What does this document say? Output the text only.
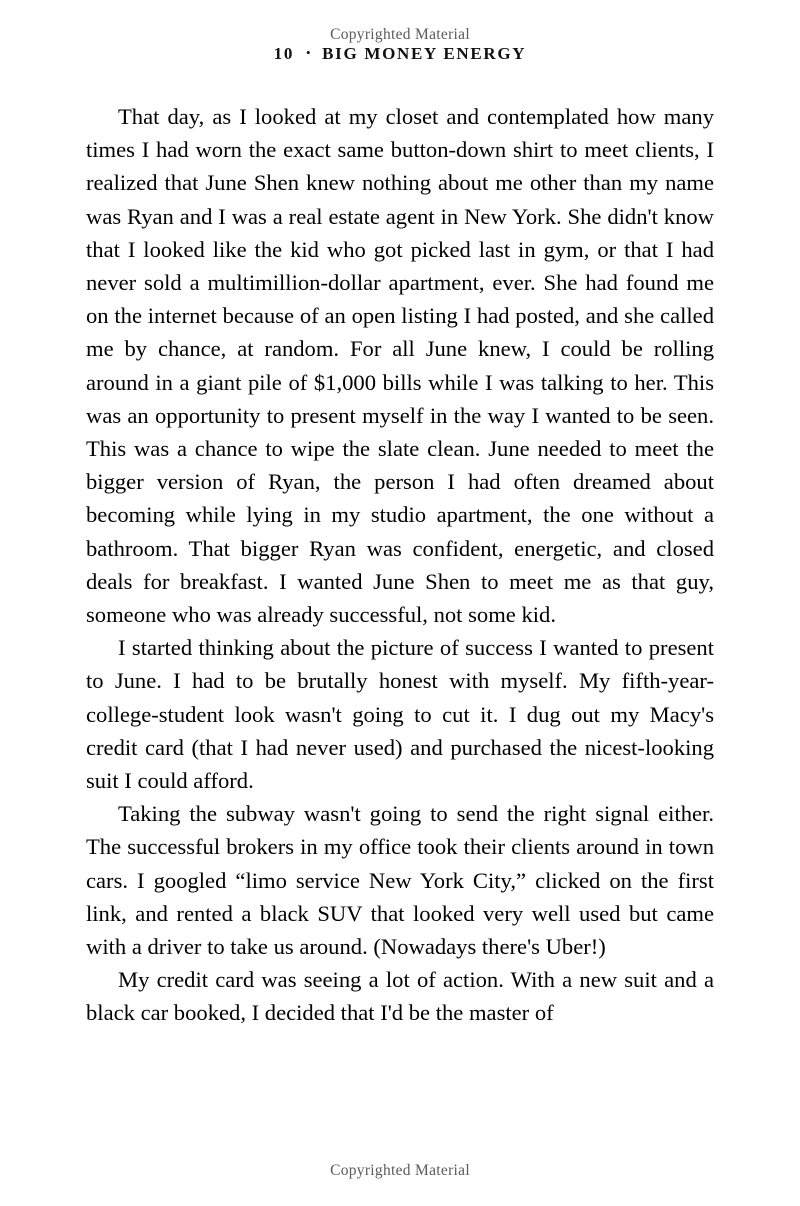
Copyrighted Material
10 • BIG MONEY ENERGY

That day, as I looked at my closet and contemplated how many times I had worn the exact same button-down shirt to meet clients, I realized that June Shen knew nothing about me other than my name was Ryan and I was a real estate agent in New York. She didn't know that I looked like the kid who got picked last in gym, or that I had never sold a multimillion-dollar apartment, ever. She had found me on the internet because of an open listing I had posted, and she called me by chance, at random. For all June knew, I could be rolling around in a giant pile of $1,000 bills while I was talking to her. This was an opportunity to present myself in the way I wanted to be seen. This was a chance to wipe the slate clean. June needed to meet the bigger version of Ryan, the person I had often dreamed about becoming while lying in my studio apartment, the one without a bathroom. That bigger Ryan was confident, energetic, and closed deals for breakfast. I wanted June Shen to meet me as that guy, someone who was already successful, not some kid.

I started thinking about the picture of success I wanted to present to June. I had to be brutally honest with myself. My fifth-year-college-student look wasn't going to cut it. I dug out my Macy's credit card (that I had never used) and purchased the nicest-looking suit I could afford.

Taking the subway wasn't going to send the right signal either. The successful brokers in my office took their clients around in town cars. I googled “limo service New York City,” clicked on the first link, and rented a black SUV that looked very well used but came with a driver to take us around. (Nowadays there's Uber!)

My credit card was seeing a lot of action. With a new suit and a black car booked, I decided that I'd be the master of

Copyrighted Material
